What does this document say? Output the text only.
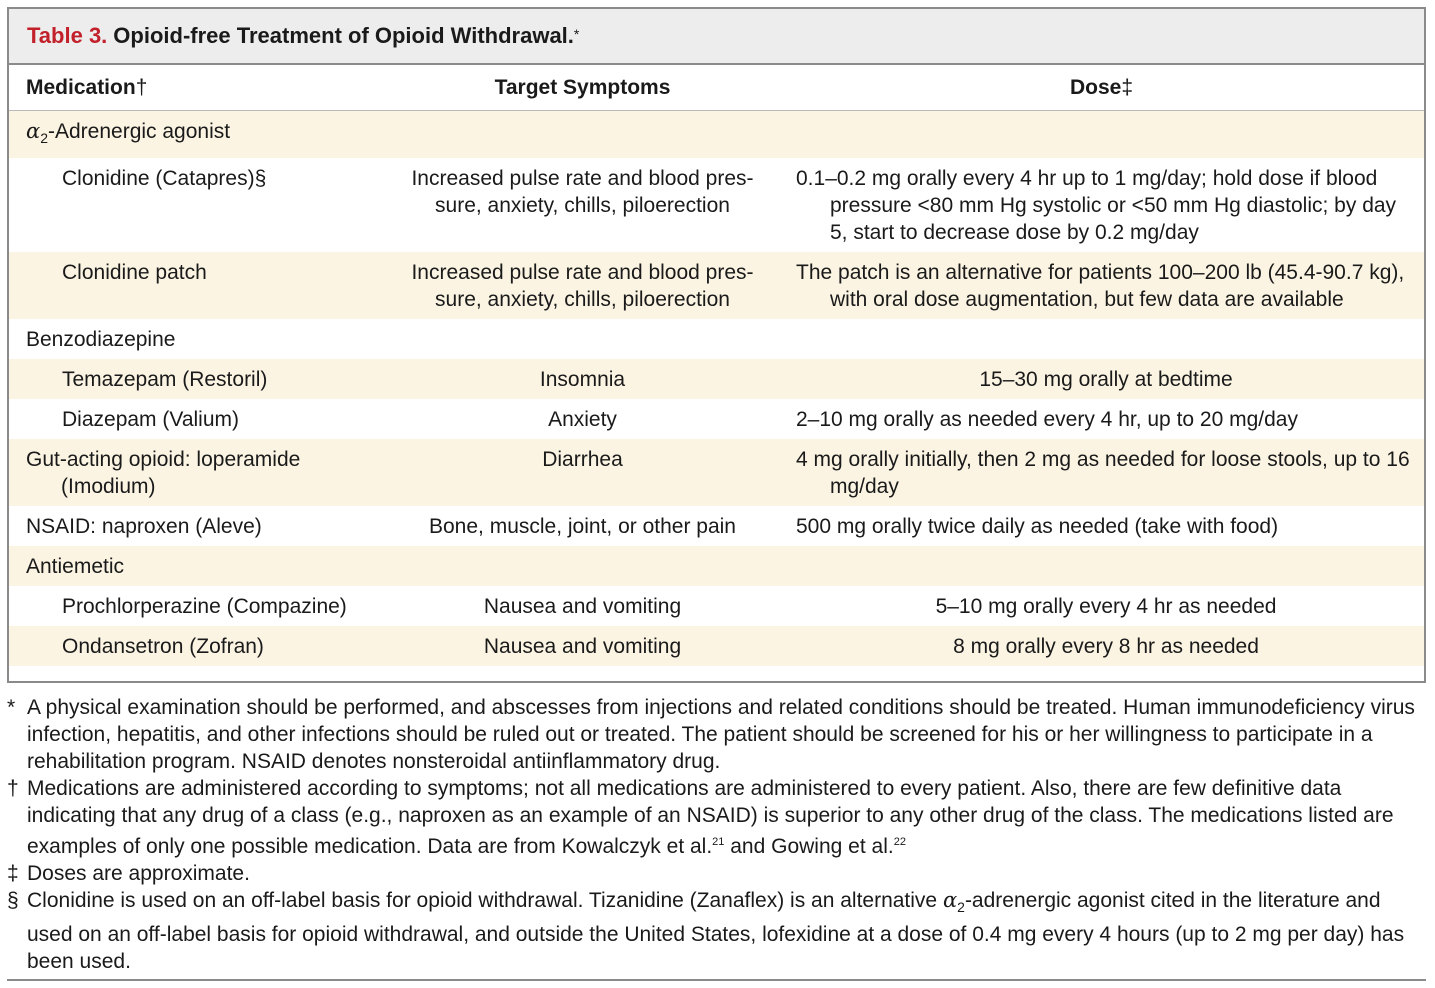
Table 3. Opioid-free Treatment of Opioid Withdrawal.*
Medication†	Target Symptoms	Dose‡
$\alpha_2$-Adrenergic agonist		
Clonidine (Catapres)§	Increased pulse rate and blood pres-sure, anxiety, chills, piloerection	0.1–0.2 mg orally every 4 hr up to 1 mg/day; hold dose if blood pressure <80 mm Hg systolic or <50 mm Hg diastolic; by day 5, start to decrease dose by 0.2 mg/day

Clonidine patch	Increased pulse rate and blood pres-sure, anxiety, chills, piloerection	The patch is an alternative for patients 100–200 lb (45.4-90.7 kg), with oral dose augmentation, but few data are available

Benzodiazepine		
Temazepam (Restoril)	Insomnia	15–30 mg orally at bedtime
Diazepam (Valium)	Anxiety	2–10 mg orally as needed every 4 hr, up to 20 mg/day
Gut-acting opioid: loperamide (Imodium)	Diarrhea	4 mg orally initially, then 2 mg as needed for loose stools, up to 16 mg/day

NSAID: naproxen (Aleve)	Bone, muscle, joint, or other pain	500 mg orally twice daily as needed (take with food)
Antiemetic		
Prochlorperazine (Compazine)	Nausea and vomiting	5–10 mg orally every 4 hr as needed
Ondansetron (Zofran)	Nausea and vomiting	8 mg orally every 8 hr as needed
* A physical examination should be performed, and abscesses from injections and related conditions should be treated. Human immunodeficiency virus infection, hepatitis, and other infections should be ruled out or treated. The patient should be screened for his or her willingness to participate in a rehabilitation program. NSAID denotes nonsteroidal antiinflammatory drug.
† Medications are administered according to symptoms; not all medications are administered to every patient. Also, there are few definitive data indicating that any drug of a class (e.g., naproxen as an example of an NSAID) is superior to any other drug of the class. The medications listed are examples of only one possible medication. Data are from Kowalczyk et al.$^{21}$ and Gowing et al.$^{22}$
‡ Doses are approximate.
§ Clonidine is used on an off-label basis for opioid withdrawal. Tizanidine (Zanaflex) is an alternative $\alpha_2$-adrenergic agonist cited in the literature and used on an off-label basis for opioid withdrawal, and outside the United States, lofexidine at a dose of 0.4 mg every 4 hours (up to 2 mg per day) has been used.
